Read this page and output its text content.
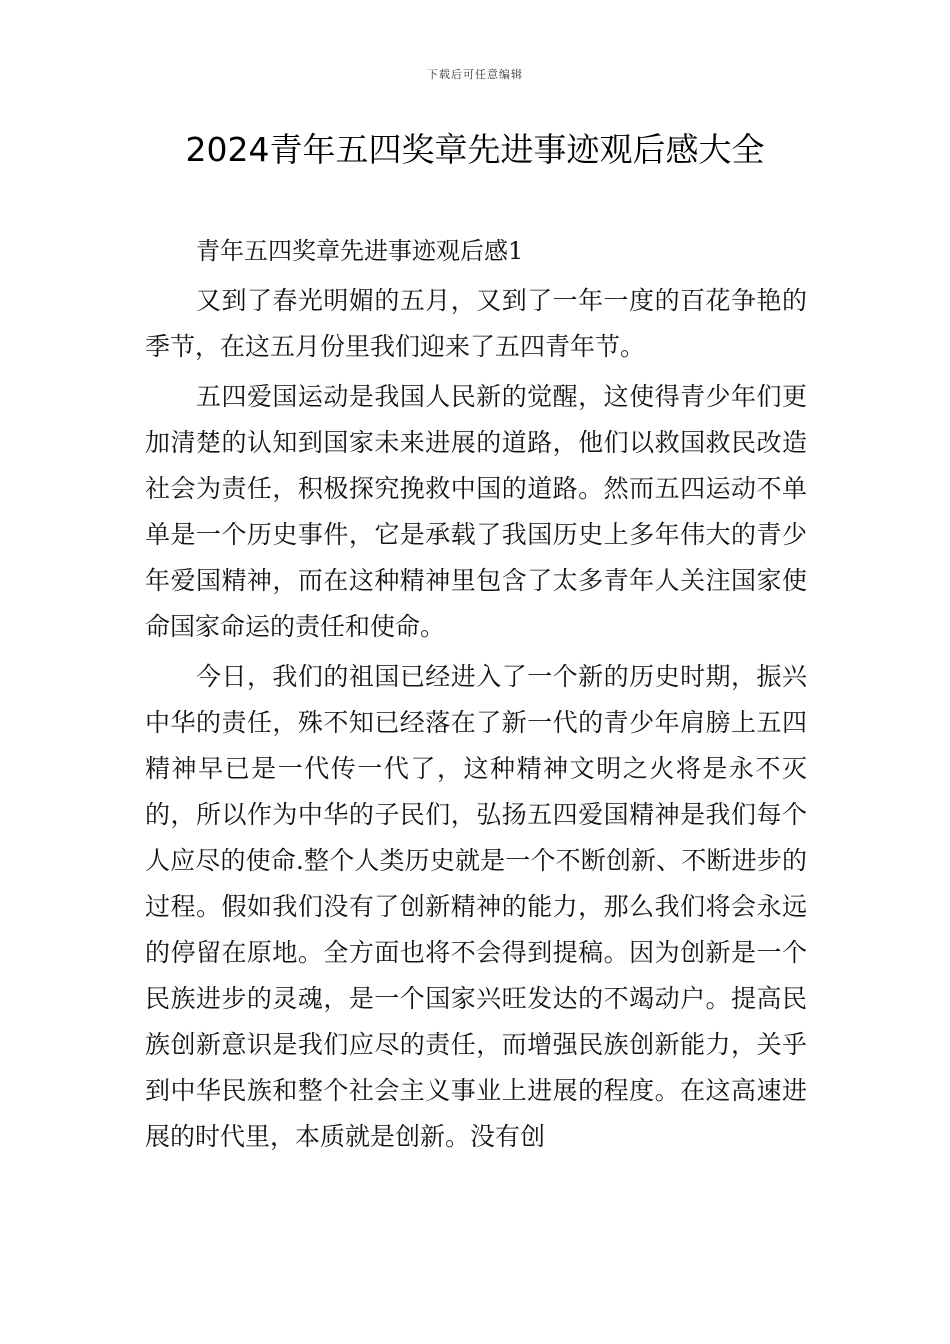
下载后可任意编辑
2024青年五四奖章先进事迹观后感大全

青年五四奖章先进事迹观后感1

又到了春光明媚的五月，又到了一年一度的百花争艳的季节，在这五月份里我们迎来了五四青年节。

五四爱国运动是我国人民新的觉醒，这使得青少年们更加清楚的认知到国家未来进展的道路，他们以救国救民改造社会为责任，积极探究挽救中国的道路。然而五四运动不单单是一个历史事件，它是承载了我国历史上多年伟大的青少年爱国精神，而在这种精神里包含了太多青年人关注国家使命国家命运的责任和使命。

今日，我们的祖国已经进入了一个新的历史时期，振兴中华的责任，殊不知已经落在了新一代的青少年肩膀上五四精神早已是一代传一代了，这种精神文明之火将是永不灭的，所以作为中华的子民们，弘扬五四爱国精神是我们每个人应尽的使命.整个人类历史就是一个不断创新、不断进步的过程。假如我们没有了创新精神的能力，那么我们将会永远的停留在原地。全方面也将不会得到提稿。因为创新是一个民族进步的灵魂，是一个国家兴旺发达的不竭动户。提高民族创新意识是我们应尽的责任，而增强民族创新能力，关乎到中华民族和整个社会主义事业上进展的程度。在这高速进展的时代里，本质就是创新。没有创
